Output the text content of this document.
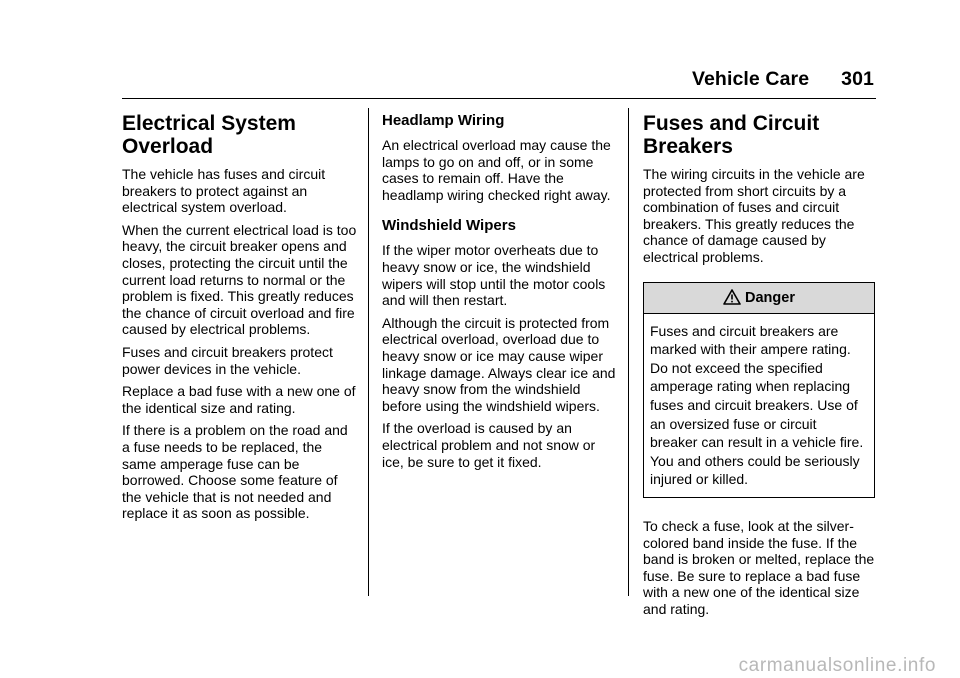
Vehicle Care 301
Electrical System
Overload

The vehicle has fuses and circuit breakers to protect against an electrical system overload.

When the current electrical load is too heavy, the circuit breaker opens and closes, protecting the circuit until the current load returns to normal or the problem is fixed. This greatly reduces the chance of circuit overload and fire caused by electrical problems.

Fuses and circuit breakers protect power devices in the vehicle.

Replace a bad fuse with a new one of the identical size and rating.

If there is a problem on the road and a fuse needs to be replaced, the same amperage fuse can be borrowed. Choose some feature of the vehicle that is not needed and replace it as soon as possible.

Headlamp Wiring

An electrical overload may cause the lamps to go on and off, or in some cases to remain off. Have the headlamp wiring checked right away.

Windshield Wipers

If the wiper motor overheats due to heavy snow or ice, the windshield wipers will stop until the motor cools and will then restart.

Although the circuit is protected from electrical overload, overload due to heavy snow or ice may cause wiper linkage damage. Always clear ice and heavy snow from the windshield before using the windshield wipers.

If the overload is caused by an electrical problem and not snow or ice, be sure to get it fixed.

Fuses and Circuit
Breakers

The wiring circuits in the vehicle are protected from short circuits by a combination of fuses and circuit breakers. This greatly reduces the chance of damage caused by electrical problems.

Danger

Fuses and circuit breakers are marked with their ampere rating. Do not exceed the specified amperage rating when replacing fuses and circuit breakers. Use of an oversized fuse or circuit breaker can result in a vehicle fire. You and others could be seriously injured or killed.

To check a fuse, look at the silver-colored band inside the fuse. If the band is broken or melted, replace the fuse. Be sure to replace a bad fuse with a new one of the identical size and rating.

carmanualsonline.info
